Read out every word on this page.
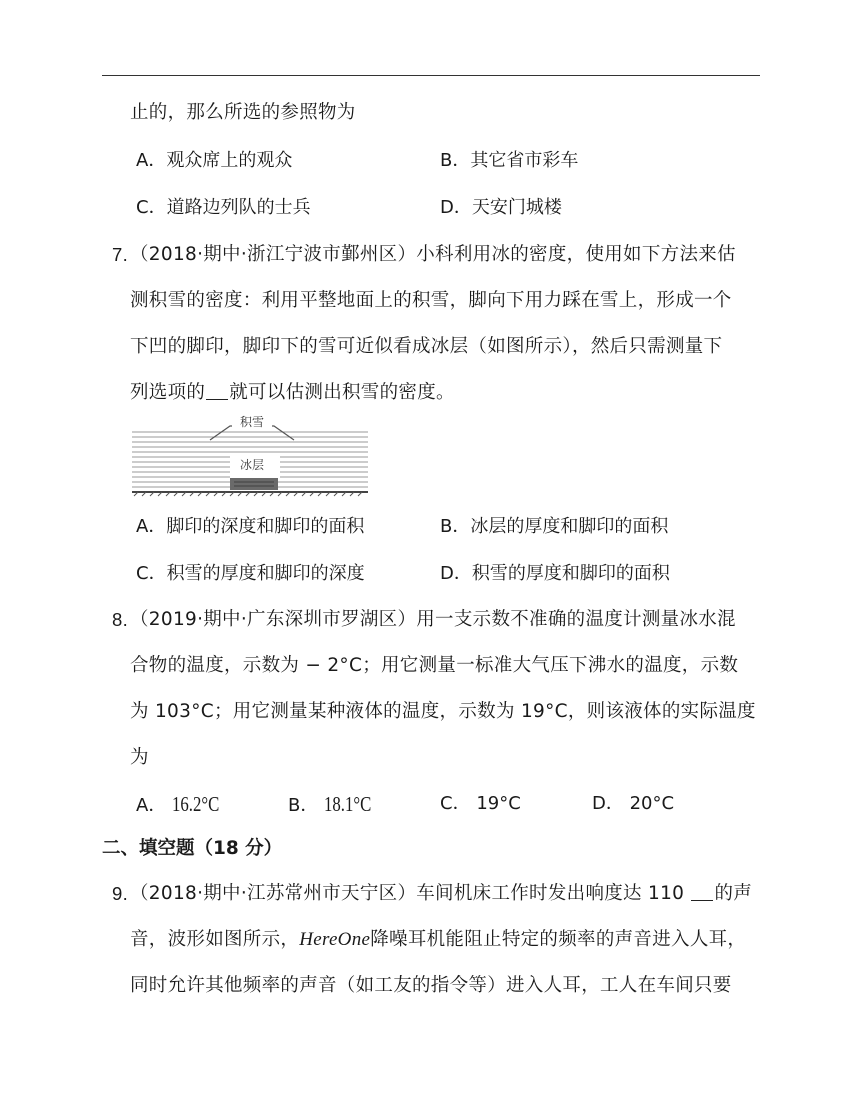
止的，那么所选的参照物为
A．观众席上的观众	B．其它省市彩车
C．道路边列队的士兵	D．天安门城楼
7. （2018·期中·浙江宁波市鄞州区）小科利用冰的密度，使用如下方法来估
测积雪的密度：利用平整地面上的积雪，脚向下用力踩在雪上，形成一个
下凹的脚印，脚印下的雪可近似看成冰层（如图所示），然后只需测量下
列选项的 就可以估测出积雪的密度。
积雪
冰层
A．脚印的深度和脚印的面积	B．冰层的厚度和脚印的面积
C．积雪的厚度和脚印的深度	D．积雪的厚度和脚印的面积
8. （2019·期中·广东深圳市罗湖区）用一支示数不准确的温度计测量冰水混
合物的温度，示数为 − 2°C；用它测量一标准大气压下沸水的温度，示数
为 103°C；用它测量某种液体的温度，示数为 19°C，则该液体的实际温度
为
A． 16.2°C	B． 18.1°C	C． 19°C	D． 20°C
二、填空题（18 分）
9. （2018·期中·江苏常州市天宁区）车间机床工作时发出响度达 110 的声
音，波形如图所示，HereOne降噪耳机能阻止特定的频率的声音进入人耳，
同时允许其他频率的声音（如工友的指令等）进入人耳，工人在车间只要
